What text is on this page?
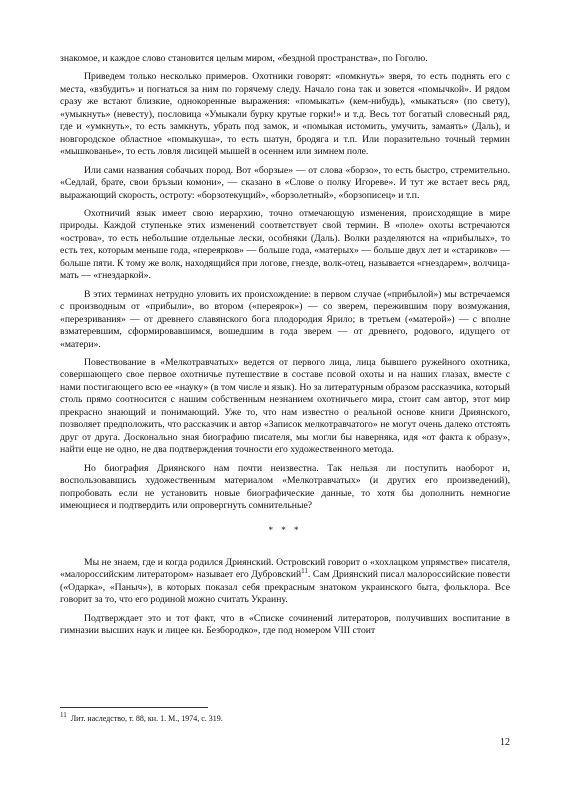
знакомое, и каждое слово становится целым миром, «бездной пространства», по Гоголю.

Приведем только несколько примеров. Охотники говорят: «помкнуть» зверя, то есть поднять его с места, «взбудить» и погнаться за ним по горячему следу. Начало гона так и зовется «помычкой». И рядом сразу же встают близкие, однокоренные выражения: «помыкать» (кем-нибудь), «мыкаться» (по свету), «умыкнуть» (невесту), пословица «Умыкали бурку крутые горки!» и т.д. Весь тот богатый словесный ряд, где и «умкнуть», то есть замкнуть, убрать под замок, и «помыкая истомить, умучить, замаять» (Даль), и новгородское областное «помыкуша», то есть шатун, бродяга и т.п. Или поразительно точный термин «мышкованье», то есть ловля лисицей мышей в осеннем или зимнем поле.

Или сами названия собачьих пород. Вот «борзые» — от слова «борзо», то есть быстро, стремительно. «Седлай, брате, свои бръзыи комони», — сказано в «Слове о полку Игореве». И тут же встает весь ряд, выражающий скорость, остроту: «борзотекущий», «борзолетный», «борзописец» и т.п.

Охотничий язык имеет свою иерархию, точно отмечающую изменения, происходящие в мире природы. Каждой ступеньке этих изменений соответствует свой термин. В «поле» охоты встречаются «острова», то есть небольшие отдельные лески, особняки (Даль). Волки разделяются на «прибылых», то есть тех, которым меньше года, «переярков» — больше года, «матерых» — больше двух лет и «стариков» — больше пяти. К тому же волк, находящийся при логове, гнезде, волк-отец, называется «гнездарем», волчица-мать — «гнездаркой».

В этих терминах нетрудно уловить их происхождение: в первом случае («прибылой») мы встречаемся с производным от «прибыли», во втором («переярок») — со зверем, пережившим пору возмужания, «перезривания» — от древнего славянского бога плодородия Ярило; в третьем («матерой») — с вполне взматеревшим, сформировавшимся, вошедшим в года зверем — от древнего, родового, идущего от «матери».

Повествование в «Мелкотравчатых» ведется от первого лица, лица бывшего ружейного охотника, совершающего свое первое охотничье путешествие в составе псовой охоты и на наших глазах, вместе с нами постигающего всю ее «науку» (в том числе и язык). Но за литературным образом рассказчика, который столь прямо соотносится с нашим собственным незнанием охотничьего мира, стоит сам автор, этот мир прекрасно знающий и понимающий. Уже то, что нам известно о реальной основе книги Дриянского, позволяет предположить, что рассказчик и автор «Записок мелкотравчатого» не могут очень далеко отстоять друг от друга. Досконально зная биографию писателя, мы могли бы наверняка, идя «от факта к образу», найти еще не одно, не два подтверждения точности его художественного метода.

Но биография Дриянского нам почти неизвестна. Так нельзя ли поступить наоборот и, воспользовавшись художественным материалом «Мелкотравчатых» (и других его произведений), попробовать если не установить новые биографические данные, то хотя бы дополнить немногие имеющиеся и подтвердить или опровергнуть сомнительные?

* * *

Мы не знаем, где и когда родился Дриянский. Островский говорит о «хохлацком упрямстве» писателя, «малороссийским литератором» называет его Дубровский$^{11}$. Сам Дриянский писал малороссийские повести («Одарка», «Паныч»), в которых показал себя прекрасным знатоком украинского быта, фольклора. Все говорит за то, что его родиной можно считать Украину.

Подтверждает это и тот факт, что в «Списке сочинений литераторов, получивших воспитание в гимназии высших наук и лицее кн. Безбородко», где под номером VIII стоит

$^{11}$ Лит. наследство, т. 88, кн. 1. М., 1974, с. 319.
12
